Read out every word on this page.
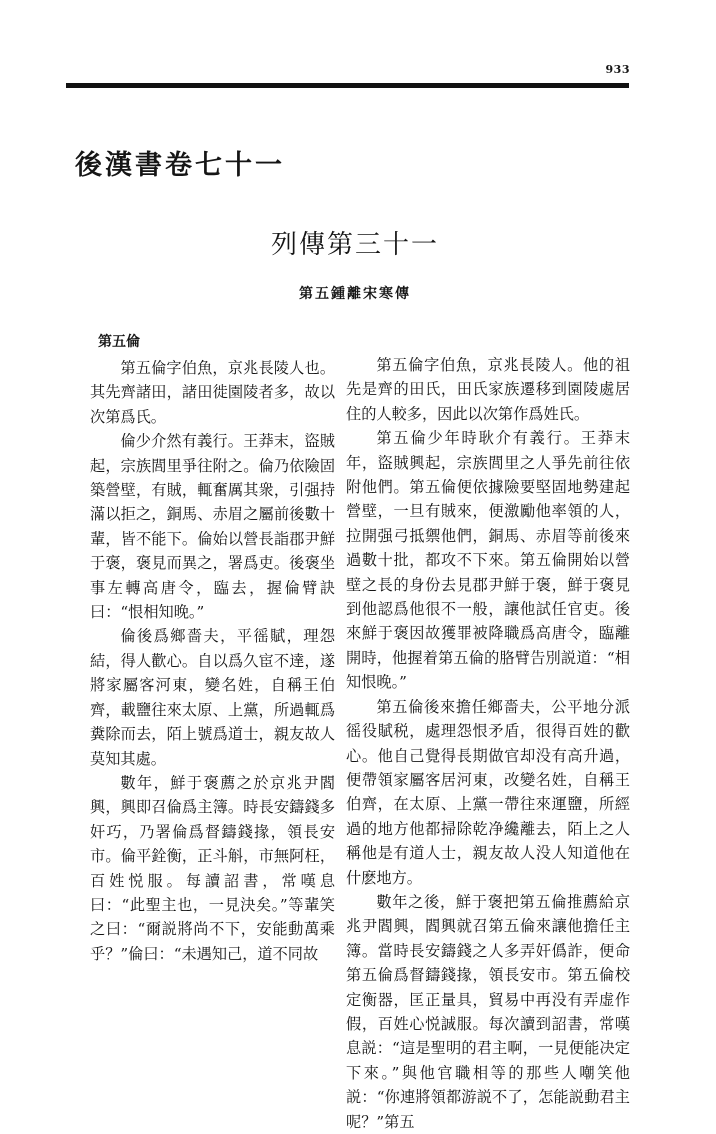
933
後漢書卷七十一
列傳第三十一
第五鍾離宋寒傳
第五倫

第五倫字伯魚，京兆長陵人也。其先齊諸田，諸田徙園陵者多，故以次第爲氏。

倫少介然有義行。王莽末，盜賊起，宗族閭里爭往附之。倫乃依險固築營壁，有賊，輒奮厲其衆，引强持滿以拒之，銅馬、赤眉之屬前後數十輩，皆不能下。倫始以營長詣郡尹鮮于褒，褒見而異之，署爲吏。後褒坐事左轉高唐令，臨去，握倫臂訣曰：“恨相知晚。”

倫後爲鄉嗇夫，平徭賦，理怨結，得人歡心。自以爲久宦不達，遂將家屬客河東，變名姓，自稱王伯齊，載鹽往來太原、上黨，所過輒爲糞除而去，陌上號爲道士，親友故人莫知其處。

數年，鮮于褒薦之於京兆尹閻興，興即召倫爲主簿。時長安鑄錢多奸巧，乃署倫爲督鑄錢掾，領長安市。倫平銓衡，正斗斛，市無阿枉，百姓悦服。每讀詔書，常嘆息曰：“此聖主也，一見決矣。”等輩笑之曰：“爾説將尚不下，安能動萬乘乎？”倫曰：“未遇知己，道不同故

第五倫字伯魚，京兆長陵人。他的祖先是齊的田氏，田氏家族遷移到園陵處居住的人較多，因此以次第作爲姓氏。

第五倫少年時耿介有義行。王莽末年，盜賊興起，宗族閭里之人爭先前往依附他們。第五倫便依據險要堅固地勢建起營壁，一旦有賊來，便激勵他率領的人，拉開强弓抵禦他們，銅馬、赤眉等前後來過數十批，都攻不下來。第五倫開始以營壁之長的身份去見郡尹鮮于褒，鮮于褒見到他認爲他很不一般，讓他試任官吏。後來鮮于褒因故獲罪被降職爲高唐令，臨離開時，他握着第五倫的胳臂告別説道：“相知恨晚。”

第五倫後來擔任鄉嗇夫，公平地分派徭役賦税，處理怨恨矛盾，很得百姓的歡心。他自己覺得長期做官却没有高升過，便帶領家屬客居河東，改變名姓，自稱王伯齊，在太原、上黨一帶往來運鹽，所經過的地方他都掃除乾净纔離去，陌上之人稱他是有道人士，親友故人没人知道他在什麽地方。

數年之後，鮮于褒把第五倫推薦給京兆尹閻興，閻興就召第五倫來讓他擔任主簿。當時長安鑄錢之人多弄奸僞詐，便命第五倫爲督鑄錢掾，領長安市。第五倫校定衡器，匡正量具，貿易中再没有弄虚作假，百姓心悦誠服。每次讀到詔書，常嘆息説：“這是聖明的君主啊，一見便能决定下來。”與他官職相等的那些人嘲笑他説：“你連將領都游説不了，怎能説動君主呢？”第五
